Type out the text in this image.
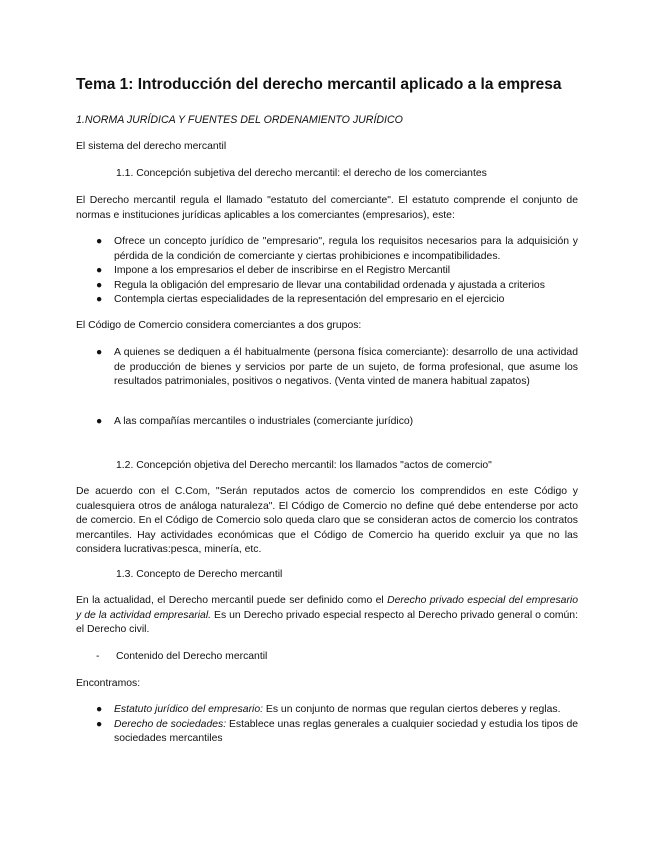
Tema 1: Introducción del derecho mercantil aplicado a la empresa
1.NORMA JURÍDICA Y FUENTES DEL ORDENAMIENTO JURÍDICO
El sistema del derecho mercantil
1.1. Concepción subjetiva del derecho mercantil: el derecho de los comerciantes
El Derecho mercantil regula el llamado "estatuto del comerciante". El estatuto comprende el conjunto de normas e instituciones jurídicas aplicables a los comerciantes (empresarios), este:
● Ofrece un concepto jurídico de "empresario", regula los requisitos necesarios para la adquisición y pérdida de la condición de comerciante y ciertas prohibiciones e incompatibilidades.
● Impone a los empresarios el deber de inscribirse en el Registro Mercantil
● Regula la obligación del empresario de llevar una contabilidad ordenada y ajustada a criterios
● Contempla ciertas especialidades de la representación del empresario en el ejercicio
El Código de Comercio considera comerciantes a dos grupos:
● A quienes se dediquen a él habitualmente (persona física comerciante): desarrollo de una actividad de producción de bienes y servicios por parte de un sujeto, de forma profesional, que asume los resultados patrimoniales, positivos o negativos. (Venta vinted de manera habitual zapatos)
● A las compañías mercantiles o industriales (comerciante jurídico)
1.2. Concepción objetiva del Derecho mercantil: los llamados "actos de comercio"
De acuerdo con el C.Com, "Serán reputados actos de comercio los comprendidos en este Código y cualesquiera otros de análoga naturaleza". El Código de Comercio no define qué debe entenderse por acto de comercio. En el Código de Comercio solo queda claro que se consideran actos de comercio los contratos mercantiles. Hay actividades económicas que el Código de Comercio ha querido excluir ya que no las considera lucrativas:pesca, minería, etc.
1.3. Concepto de Derecho mercantil
En la actualidad, el Derecho mercantil puede ser definido como el Derecho privado especial del empresario y de la actividad empresarial. Es un Derecho privado especial respecto al Derecho privado general o común: el Derecho civil.
- Contenido del Derecho mercantil
Encontramos:
● Estatuto jurídico del empresario: Es un conjunto de normas que regulan ciertos deberes y reglas.
● Derecho de sociedades: Establece unas reglas generales a cualquier sociedad y estudia los tipos de sociedades mercantiles
